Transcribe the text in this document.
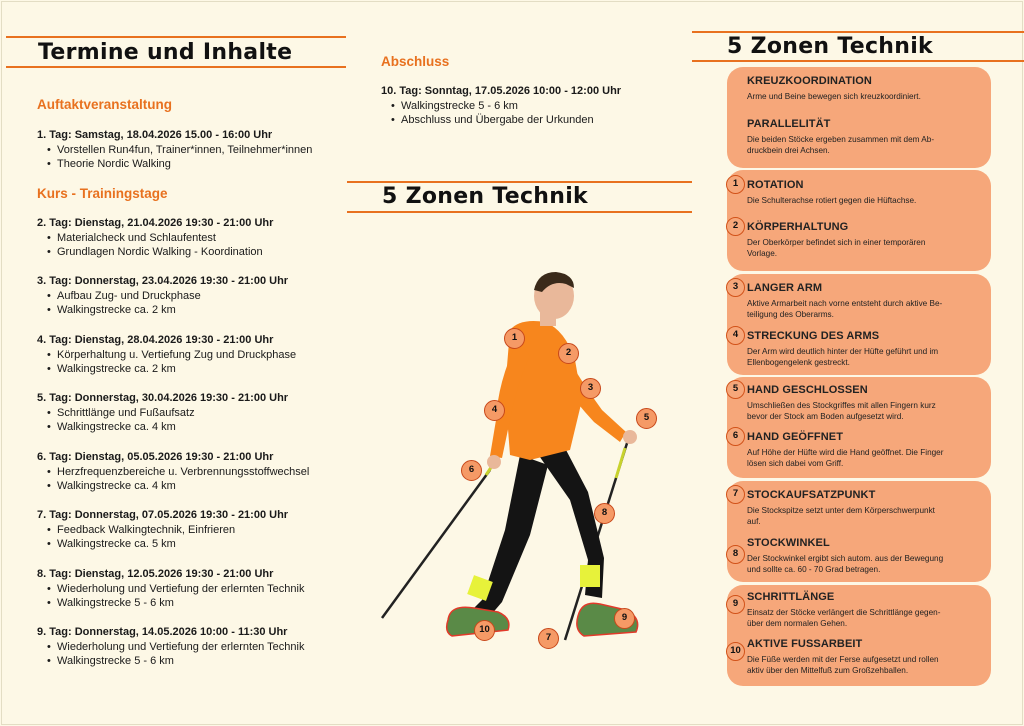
Termine und Inhalte
Auftaktveranstaltung
1. Tag: Samstag, 18.04.2026 15.00 - 16:00 Uhr
• Vorstellen Run4fun, Trainer*innen, Teilnehmer*innen
• Theorie Nordic Walking
Kurs - Trainingstage
2. Tag: Dienstag, 21.04.2026 19:30 - 21:00 Uhr
• Materialcheck und Schlaufentest
• Grundlagen Nordic Walking - Koordination
3. Tag: Donnerstag, 23.04.2026 19:30 - 21:00 Uhr
• Aufbau Zug- und Druckphase
• Walkingstrecke ca. 2 km
4. Tag: Dienstag, 28.04.2026 19:30 - 21:00 Uhr
• Körperhaltung u. Vertiefung Zug und Druckphase
• Walkingstrecke ca. 2 km
5. Tag: Donnerstag, 30.04.2026 19:30 - 21:00 Uhr
• Schrittlänge und Fußaufsatz
• Walkingstrecke ca. 4 km
6. Tag: Dienstag, 05.05.2026 19:30 - 21:00 Uhr
• Herzfrequenzbereiche u. Verbrennungsstoffwechsel
• Walkingstrecke ca. 4 km
7. Tag: Donnerstag, 07.05.2026 19:30 - 21:00 Uhr
• Feedback Walkingtechnik, Einfrieren
• Walkingstrecke ca. 5 km
8. Tag: Dienstag, 12.05.2026 19:30 - 21:00 Uhr
• Wiederholung und Vertiefung der erlernten Technik
• Walkingstrecke 5 - 6 km
9. Tag: Donnerstag, 14.05.2026 10:00 - 11:30 Uhr
• Wiederholung und Vertiefung der erlernten Technik
• Walkingstrecke 5 - 6 km
Abschluss
10. Tag: Sonntag, 17.05.2026 10:00 - 12:00 Uhr
• Walkingstrecke 5 - 6 km
• Abschluss und Übergabe der Urkunden
5 Zonen Technik
1
2
3
4
5
6
7
8
9
10
5 Zonen Technik
KREUZKOORDINATION
Arme und Beine bewegen sich kreuzkoordiniert.
PARALLELITÄT
Die beiden Stöcke ergeben zusammen mit dem Ab-
druckbein drei Achsen.
1 ROTATION
Die Schulterachse rotiert gegen die Hüftachse.
2 KÖRPERHALTUNG
Der Oberkörper befindet sich in einer temporären
Vorlage.
3 LANGER ARM
Aktive Armarbeit nach vorne entsteht durch aktive Be-
teiligung des Oberarms.
4 STRECKUNG DES ARMS
Der Arm wird deutlich hinter der Hüfte geführt und im
Ellenbogengelenk gestreckt.
5 HAND GESCHLOSSEN
Umschließen des Stockgriffes mit allen Fingern kurz
bevor der Stock am Boden aufgesetzt wird.
6 HAND GEÖFFNET
Auf Höhe der Hüfte wird die Hand geöffnet. Die Finger
lösen sich dabei vom Griff.
7 STOCKAUFSATZPUNKT
Die Stockspitze setzt unter dem Körperschwerpunkt
auf.
8
STOCKWINKEL
Der Stockwinkel ergibt sich autom. aus der Bewegung
und sollte ca. 60 - 70 Grad betragen.
9
SCHRITTLÄNGE
Einsatz der Stöcke verlängert die Schrittlänge gegen-
über dem normalen Gehen.
10
AKTIVE FUSSARBEIT
Die Füße werden mit der Ferse aufgesetzt und rollen
aktiv über den Mittelfuß zum Großzehballen.
